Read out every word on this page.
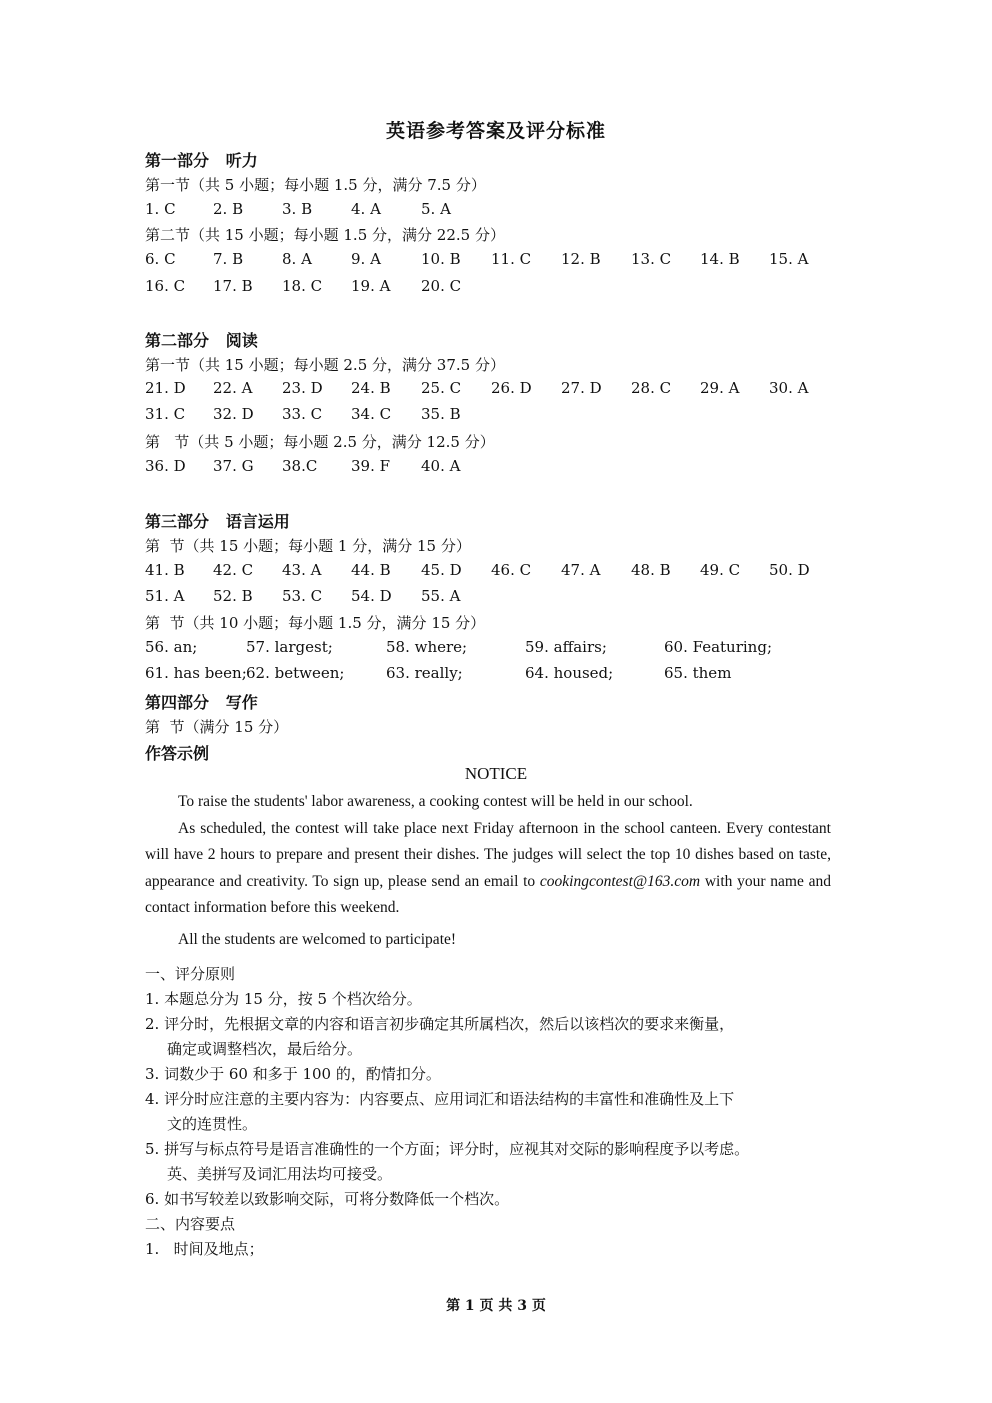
英语参考答案及评分标准
第一部分   听力
第一节（共 5 小题；每小题 1.5 分，满分 7.5 分）
1. C 2. B	3. B	4. A	5. A
第二节（共 15 小题；每小题 1.5 分，满分 22.5 分）
6. C 7. B	8. A	9. A	10. B 11. C 12. B 13. C 14. B 15. A
16. C 17. B 18. C 19. A 20. C
第二部分   阅读
第一节（共 15 小题；每小题 2.5 分，满分 37.5 分）
21. D 22. A 23. D 24. B 25. C 26. D 27. D 28. C 29. A 30. A
31. C 32. D 33. C 34. C 35. B
第   节（共 5 小题；每小题 2.5 分，满分 12.5 分）
36. D 37. G 38.C 39. F 40. A
第三部分   语言运用
第  节（共 15 小题；每小题 1 分，满分 15 分）
41. B 42. C 43. A 44. B 45. D 46. C 47. A 48. B 49. C 50. D
51. A 52. B 53. C 54. D 55. A
第  节（共 10 小题；每小题 1.5 分，满分 15 分）
56. an;	57. largest;	58. where;	59. affairs;	60. Featuring;
61. has been; 62. between;	63. really;	64. housed;	65. them
第四部分   写作
第  节（满分 15 分）
作答示例
NOTICE

To raise the students' labor awareness, a cooking contest will be held in our school.

As scheduled, the contest will take place next Friday afternoon in the school canteen. Every contestant will have 2 hours to prepare and present their dishes. The judges will select the top 10 dishes based on taste, appearance and creativity. To sign up, please send an email to cookingcontest@163.com with your name and contact information before this weekend.

All the students are welcomed to participate!

一、评分原则
1. 本题总分为 15 分，按 5 个档次给分。
2. 评分时，先根据文章的内容和语言初步确定其所属档次，然后以该档次的要求来衡量，
确定或调整档次，最后给分。
3. 词数少于 60 和多于 100 的，酌情扣分。
4. 评分时应注意的主要内容为：内容要点、应用词汇和语法结构的丰富性和准确性及上下
文的连贯性。
5. 拼写与标点符号是语言准确性的一个方面；评分时，应视其对交际的影响程度予以考虑。
英、美拼写及词汇用法均可接受。
6. 如书写较差以致影响交际，可将分数降低一个档次。
二、内容要点
1.   时间及地点；
第 1 页 共 3 页
